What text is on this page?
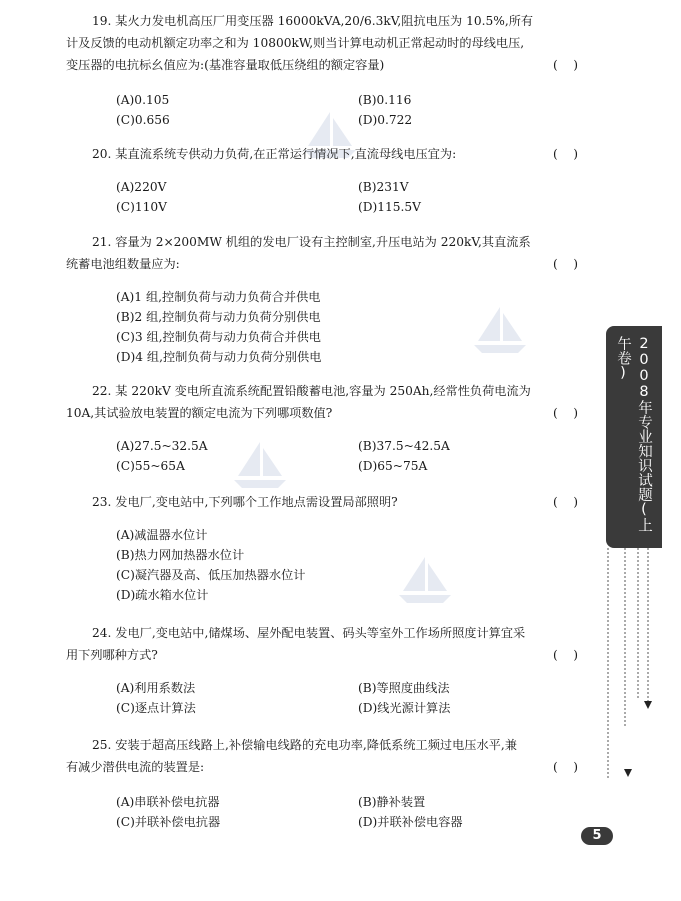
19. 某火力发电机高压厂用变压器 16000kVA,20/6.3kV,阻抗电压为 10.5%,所有
计及反馈的电动机额定功率之和为 10800kW,则当计算电动机正常起动时的母线电压,
变压器的电抗标幺值应为:(基准容量取低压绕组的额定容量)	(    )
(A)0.105	(B)0.116
(C)0.656	(D)0.722
20. 某直流系统专供动力负荷,在正常运行情况下,直流母线电压宜为:	(    )
(A)220V	(B)231V
(C)110V	(D)115.5V
21. 容量为 2×200MW 机组的发电厂设有主控制室,升压电站为 220kV,其直流系
统蓄电池组数量应为:	(    )
(A)1 组,控制负荷与动力负荷合并供电
(B)2 组,控制负荷与动力负荷分别供电
(C)3 组,控制负荷与动力负荷合并供电
(D)4 组,控制负荷与动力负荷分别供电
22. 某 220kV 变电所直流系统配置铅酸蓄电池,容量为 250Ah,经常性负荷电流为
10A,其试验放电装置的额定电流为下列哪项数值?	(    )
(A)27.5~32.5A	(B)37.5~42.5A
(C)55~65A	(D)65~75A
23. 发电厂,变电站中,下列哪个工作地点需设置局部照明?	(    )
(A)减温器水位计
(B)热力网加热器水位计
(C)凝汽器及高、低压加热器水位计
(D)疏水箱水位计
24. 发电厂,变电站中,储煤场、屋外配电装置、码头等室外工作场所照度计算宜采
用下列哪种方式?	(    )
(A)利用系数法	(B)等照度曲线法
(C)逐点计算法	(D)线光源计算法
25. 安装于超高压线路上,补偿输电线路的充电功率,降低系统工频过电压水平,兼
有减少潜供电流的装置是:	(    )
(A)串联补偿电抗器	(B)静补装置
(C)并联补偿电抗器	(D)并联补偿电容器
2008年专业知识试题(上午卷)
5
